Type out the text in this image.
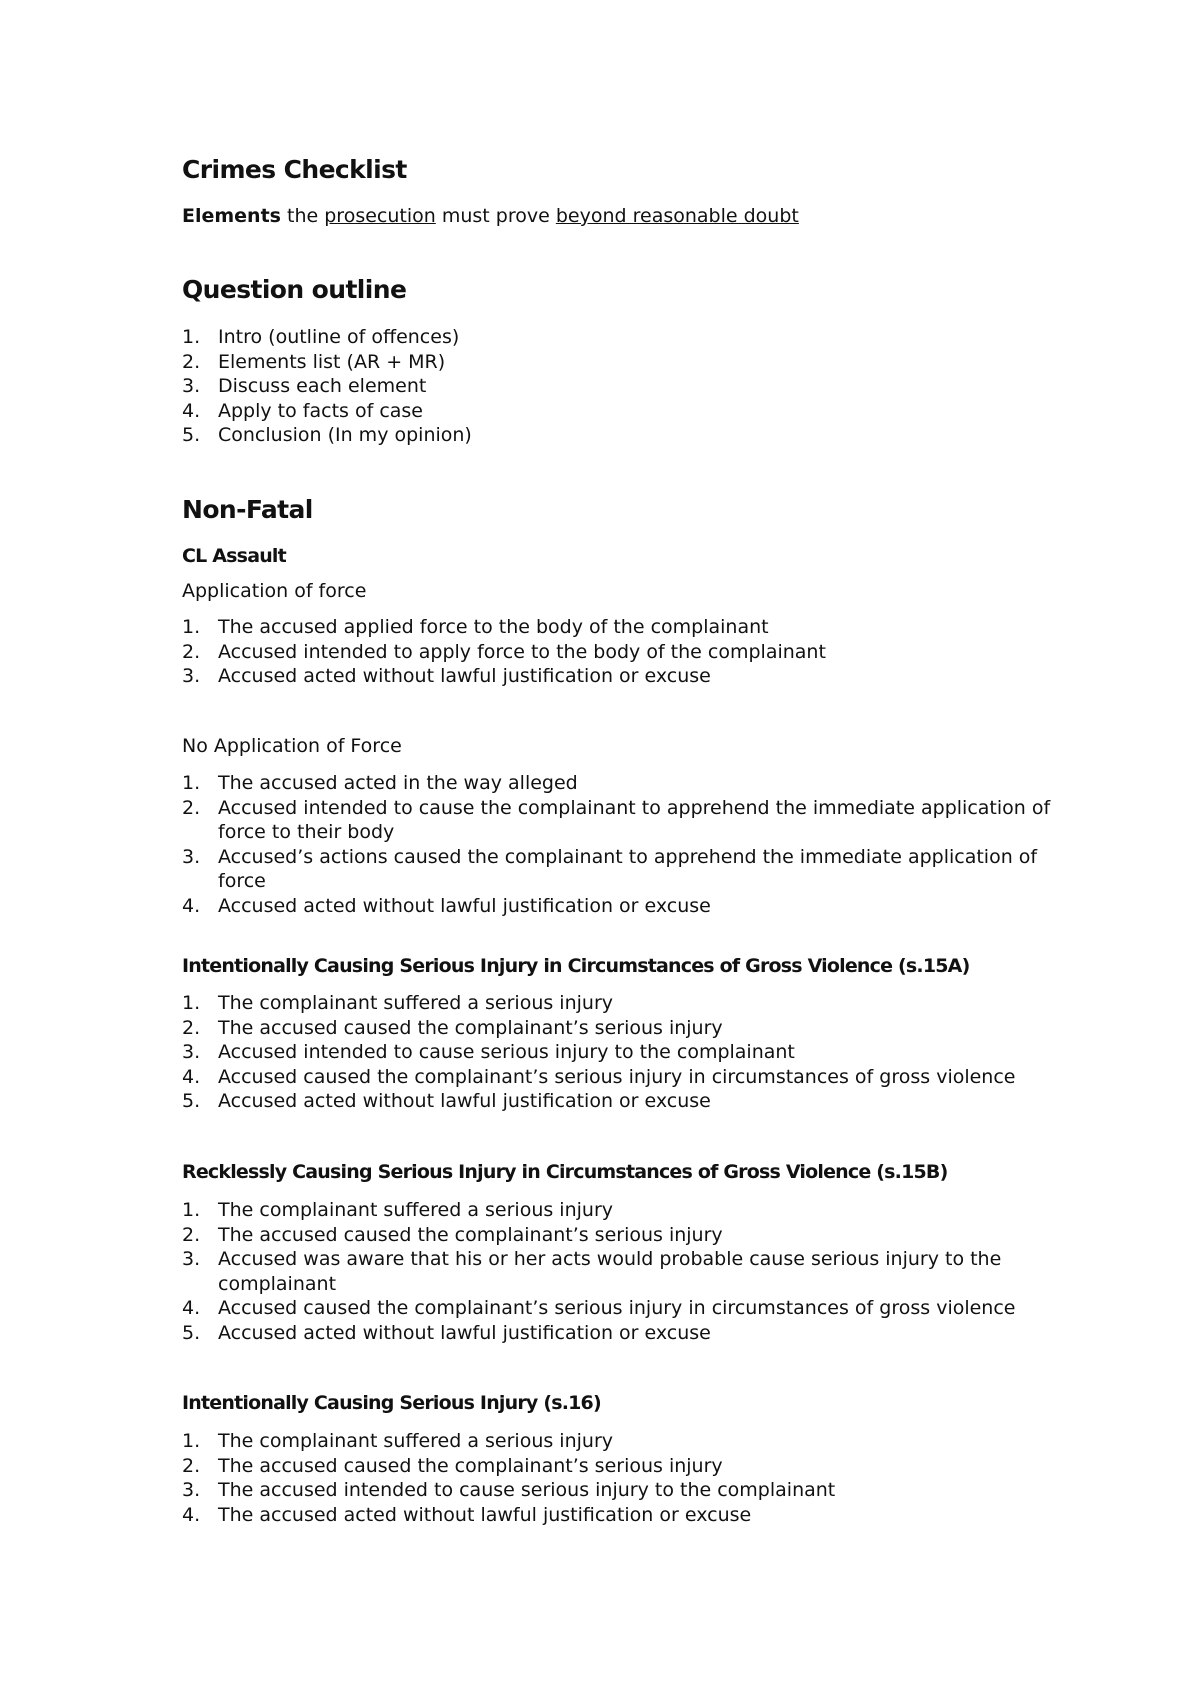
Crimes Checklist

Elements the prosecution must prove beyond reasonable doubt

Question outline
1. Intro (outline of offences)
2. Elements list (AR + MR)
3. Discuss each element
4. Apply to facts of case
5. Conclusion (In my opinion)
Non-Fatal
CL Assault

Application of force

1. The accused applied force to the body of the complainant
2. Accused intended to apply force to the body of the complainant
3. Accused acted without lawful justification or excuse

No Application of Force

1. The accused acted in the way alleged
2. Accused intended to cause the complainant to apprehend the immediate application of force to their body
3. Accused’s actions caused the complainant to apprehend the immediate application of force
4. Accused acted without lawful justification or excuse
Intentionally Causing Serious Injury in Circumstances of Gross Violence (s.15A)
1. The complainant suffered a serious injury
2. The accused caused the complainant’s serious injury
3. Accused intended to cause serious injury to the complainant
4. Accused caused the complainant’s serious injury in circumstances of gross violence
5. Accused acted without lawful justification or excuse
Recklessly Causing Serious Injury in Circumstances of Gross Violence (s.15B)
1. The complainant suffered a serious injury
2. The accused caused the complainant’s serious injury
3. Accused was aware that his or her acts would probable cause serious injury to the complainant
4. Accused caused the complainant’s serious injury in circumstances of gross violence
5. Accused acted without lawful justification or excuse
Intentionally Causing Serious Injury (s.16)
1. The complainant suffered a serious injury
2. The accused caused the complainant’s serious injury
3. The accused intended to cause serious injury to the complainant
4. The accused acted without lawful justification or excuse
